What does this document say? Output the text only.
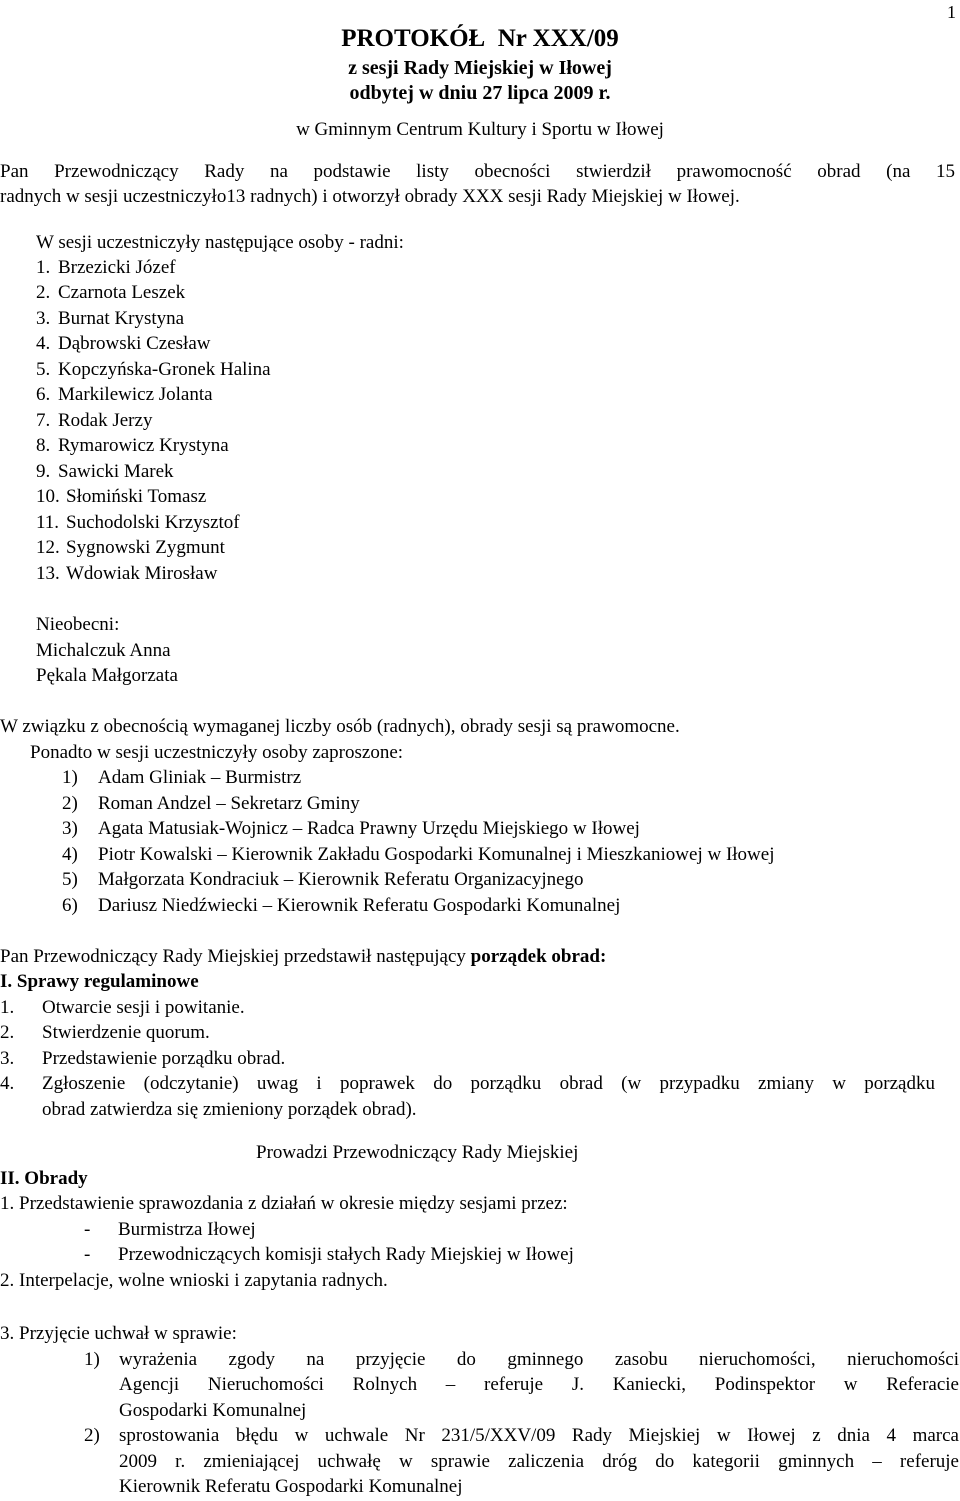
1
PROTOKÓŁ  Nr XXX/09
z sesji Rady Miejskiej w Iłowej
odbytej w dniu 27 lipca 2009 r.
w Gminnym Centrum Kultury i Sportu w Iłowej
Pan Przewodniczący Rady na podstawie listy obecności stwierdził prawomocność obrad (na 15
radnych w sesji uczestniczyło13 radnych) i otworzył obrady XXX sesji Rady Miejskiej w Iłowej.
W sesji uczestniczyły następujące osoby - radni:
1. Brzezicki Józef
2. Czarnota Leszek
3. Burnat Krystyna
4. Dąbrowski Czesław
5. Kopczyńska-Gronek Halina
6. Markilewicz Jolanta
7. Rodak Jerzy
8. Rymarowicz Krystyna
9. Sawicki Marek
10. Słomiński Tomasz
11. Suchodolski Krzysztof
12. Sygnowski Zygmunt
13. Wdowiak Mirosław
Nieobecni:
Michalczuk Anna
Pękala Małgorzata
W związku z obecnością wymaganej liczby osób (radnych), obrady sesji są prawomocne.
Ponadto w sesji uczestniczyły osoby zaproszone:
1) Adam Gliniak – Burmistrz
2) Roman Andzel – Sekretarz Gminy
3) Agata Matusiak-Wojnicz – Radca Prawny Urzędu Miejskiego w Iłowej
4) Piotr Kowalski – Kierownik Zakładu Gospodarki Komunalnej i Mieszkaniowej w Iłowej
5) Małgorzata Kondraciuk – Kierownik Referatu Organizacyjnego
6) Dariusz Niedźwiecki – Kierownik Referatu Gospodarki Komunalnej
Pan Przewodniczący Rady Miejskiej przedstawił następujący porządek obrad:
I. Sprawy regulaminowe
1. Otwarcie sesji i powitanie.
2. Stwierdzenie quorum.
3. Przedstawienie porządku obrad.
4. Zgłoszenie (odczytanie) uwag i poprawek do porządku obrad (w przypadku zmiany w porządku
obrad zatwierdza się zmieniony porządek obrad).
Prowadzi Przewodniczący Rady Miejskiej
II. Obrady
1. Przedstawienie sprawozdania z działań w okresie między sesjami przez:
- Burmistrza Iłowej
- Przewodniczących komisji stałych Rady Miejskiej w Iłowej
2. Interpelacje, wolne wnioski i zapytania radnych.
3. Przyjęcie uchwał w sprawie:
1) wyrażenia zgody na przyjęcie do gminnego zasobu nieruchomości, nieruchomości
Agencji Nieruchomości Rolnych – referuje J. Kaniecki, Podinspektor w Referacie
Gospodarki Komunalnej
2) sprostowania błędu w uchwale Nr 231/5/XXV/09 Rady Miejskiej w Iłowej z dnia 4 marca
2009 r. zmieniającej uchwałę w sprawie zaliczenia dróg do kategorii gminnych – referuje
Kierownik Referatu Gospodarki Komunalnej
